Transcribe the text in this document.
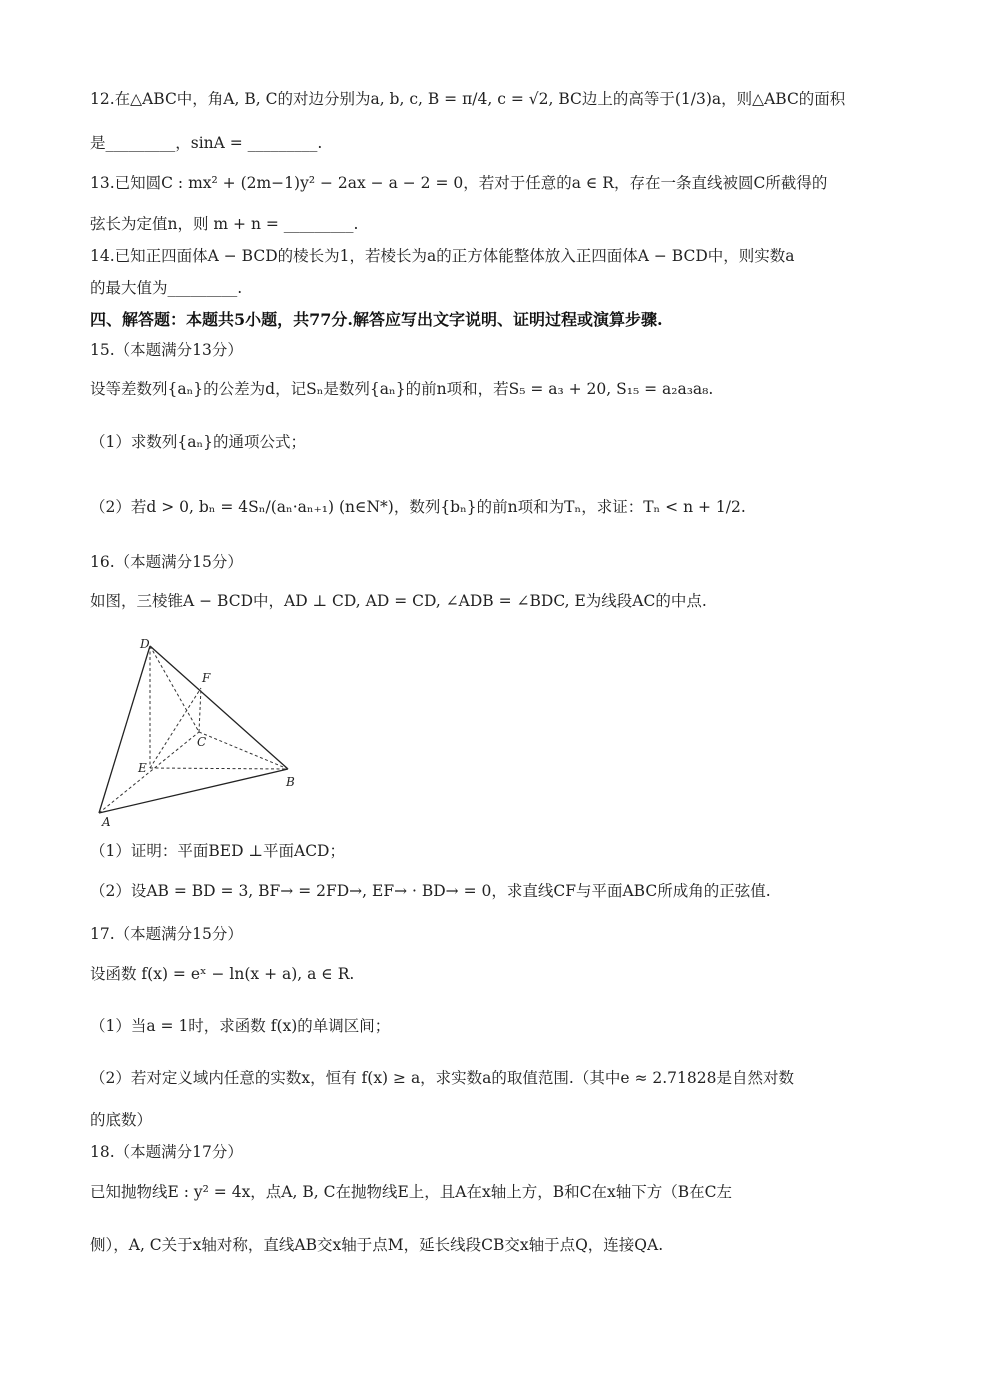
12.在△ABC中，角A, B, C的对边分别为a, b, c, B = π/4, c = √2, BC边上的高等于(1/3)a，则△ABC的面积
是_________，sinA = _________.
13.已知圆C : mx² + (2m−1)y² − 2ax − a − 2 = 0，若对于任意的a ∈ R，存在一条直线被圆C所截得的
弦长为定值n，则 m + n = _________.
14.已知正四面体A − BCD的棱长为1，若棱长为a的正方体能整体放入正四面体A − BCD中，则实数a
的最大值为_________.
四、解答题：本题共5小题，共77分.解答应写出文字说明、证明过程或演算步骤.
15.（本题满分13分）
设等差数列{aₙ}的公差为d，记Sₙ是数列{aₙ}的前n项和，若S₅ = a₃ + 20, S₁₅ = a₂a₃a₈.
（1）求数列{aₙ}的通项公式；
（2）若d > 0, bₙ = 4Sₙ/(aₙ·aₙ₊₁) (n∈N*)，数列{bₙ}的前n项和为Tₙ，求证：Tₙ < n + 1/2.
16.（本题满分15分）
如图，三棱锥A − BCD中，AD ⊥ CD, AD = CD, ∠ADB = ∠BDC, E为线段AC的中点.
D
F
C
E
B
A
（1）证明：平面BED ⊥平面ACD；
（2）设AB = BD = 3, BF→ = 2FD→, EF→ · BD→ = 0，求直线CF与平面ABC所成角的正弦值.
17.（本题满分15分）
设函数 f(x) = eˣ − ln(x + a), a ∈ R.
（1）当a = 1时，求函数 f(x)的单调区间；
（2）若对定义域内任意的实数x，恒有 f(x) ≥ a，求实数a的取值范围.（其中e ≈ 2.71828是自然对数
的底数）
18.（本题满分17分）
已知抛物线E : y² = 4x，点A, B, C在抛物线E上，且A在x轴上方，B和C在x轴下方（B在C左
侧），A, C关于x轴对称，直线AB交x轴于点M，延长线段CB交x轴于点Q，连接QA.
